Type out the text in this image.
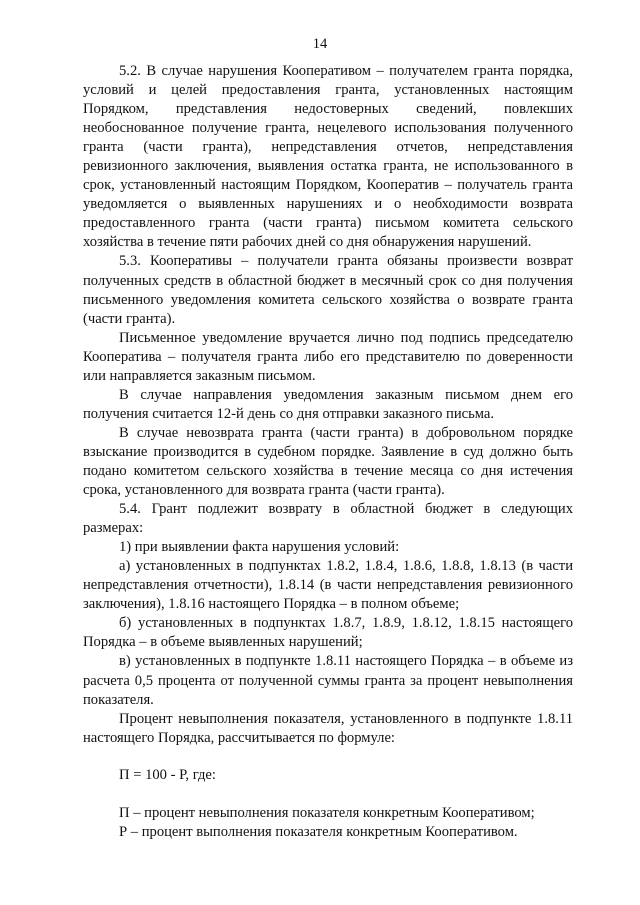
14

5.2. В случае нарушения Кооперативом – получателем гранта порядка, условий и целей предоставления гранта, установленных настоящим Порядком, представления недостоверных сведений, повлекших необоснованное получение гранта, нецелевого использования полученного гранта (части гранта), непредставления отчетов, непредставления ревизионного заключения, выявления остатка гранта, не использованного в срок, установленный настоящим Порядком, Кооператив – получатель гранта уведомляется о выявленных нарушениях и о необходимости возврата предоставленного гранта (части гранта) письмом комитета сельского хозяйства в течение пяти рабочих дней со дня обнаружения нарушений.

5.3. Кооперативы – получатели гранта обязаны произвести возврат полученных средств в областной бюджет в месячный срок со дня получения письменного уведомления комитета сельского хозяйства о возврате гранта (части гранта).

Письменное уведомление вручается лично под подпись председателю Кооператива – получателя гранта либо его представителю по доверенности или направляется заказным письмом.

В случае направления уведомления заказным письмом днем его получения считается 12-й день со дня отправки заказного письма.

В случае невозврата гранта (части гранта) в добровольном порядке взыскание производится в судебном порядке. Заявление в суд должно быть подано комитетом сельского хозяйства в течение месяца со дня истечения срока, установленного для возврата гранта (части гранта).

5.4. Грант подлежит возврату в областной бюджет в следующих размерах:

1) при выявлении факта нарушения условий:

а) установленных в подпунктах 1.8.2, 1.8.4, 1.8.6, 1.8.8, 1.8.13 (в части непредставления отчетности), 1.8.14 (в части непредставления ревизионного заключения), 1.8.16 настоящего Порядка – в полном объеме;

б) установленных в подпунктах 1.8.7, 1.8.9, 1.8.12, 1.8.15 настоящего Порядка – в объеме выявленных нарушений;

в) установленных в подпункте 1.8.11 настоящего Порядка – в объеме из расчета 0,5 процента от полученной суммы гранта за процент невыполнения показателя.

Процент невыполнения показателя, установленного в подпункте 1.8.11 настоящего Порядка, рассчитывается по формуле:

П = 100 - Р, где:

П – процент невыполнения показателя конкретным Кооперативом;

Р – процент выполнения показателя конкретным Кооперативом.
